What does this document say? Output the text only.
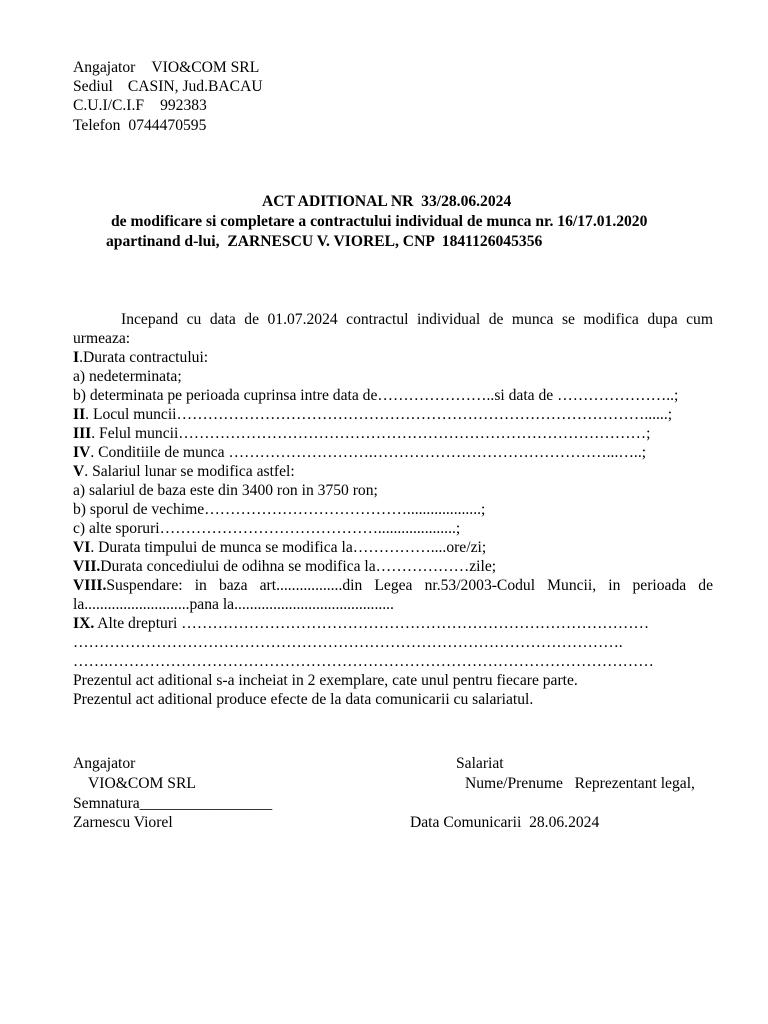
Angajator VIO&COM SRL
Sediul CASIN, Jud.BACAU
C.U.I/C.I.F 992383
Telefon 0744470595
ACT ADITIONAL NR  33/28.06.2024
de modificare si completare a contractului individual de munca nr. 16/17.01.2020
apartinand d-lui,  ZARNESCU V. VIOREL, CNP  1841126045356
Incepand cu data de 01.07.2024 contractul individual de munca se modifica dupa cum
urmeaza:
I.Durata contractului:
a) nedeterminata;
b) determinata pe perioada cuprinsa intre data de…………………..si data de …………………..;
II. Locul muncii………………………………………………………………………………......;
III. Felul muncii………………………………………………………………………………;
IV. Conditiile de munca ……………………….………………………………………...…..;
V. Salariul lunar se modifica astfel:
a) salariul de baza este din 3400 ron in 3750 ron;
b) sporul de vechime…………………………………...................;
c) alte sporuri……………………………………....................;
VI. Durata timpului de munca se modifica la……………....ore/zi;
VII.Durata concediului de odihna se modifica la………………zile;
VIII.Suspendare: in baza art.................din Legea nr.53/2003-Codul Muncii, in perioada de
la...........................pana la.........................................
IX. Alte drepturi ………………………………………………………………………………
…………………………………………………………………………………………….
…….……………………………………………………………………………………………
Prezentul act aditional s-a incheiat in 2 exemplare, cate unul pentru fiecare parte.
Prezentul act aditional produce efecte de la data comunicarii cu salariatul.
Angajator
VIO&COM SRL
Semnatura_________________
Zarnescu Viorel
Salariat
Nume/Prenume   Reprezentant legal,
Data Comunicarii  28.06.2024
